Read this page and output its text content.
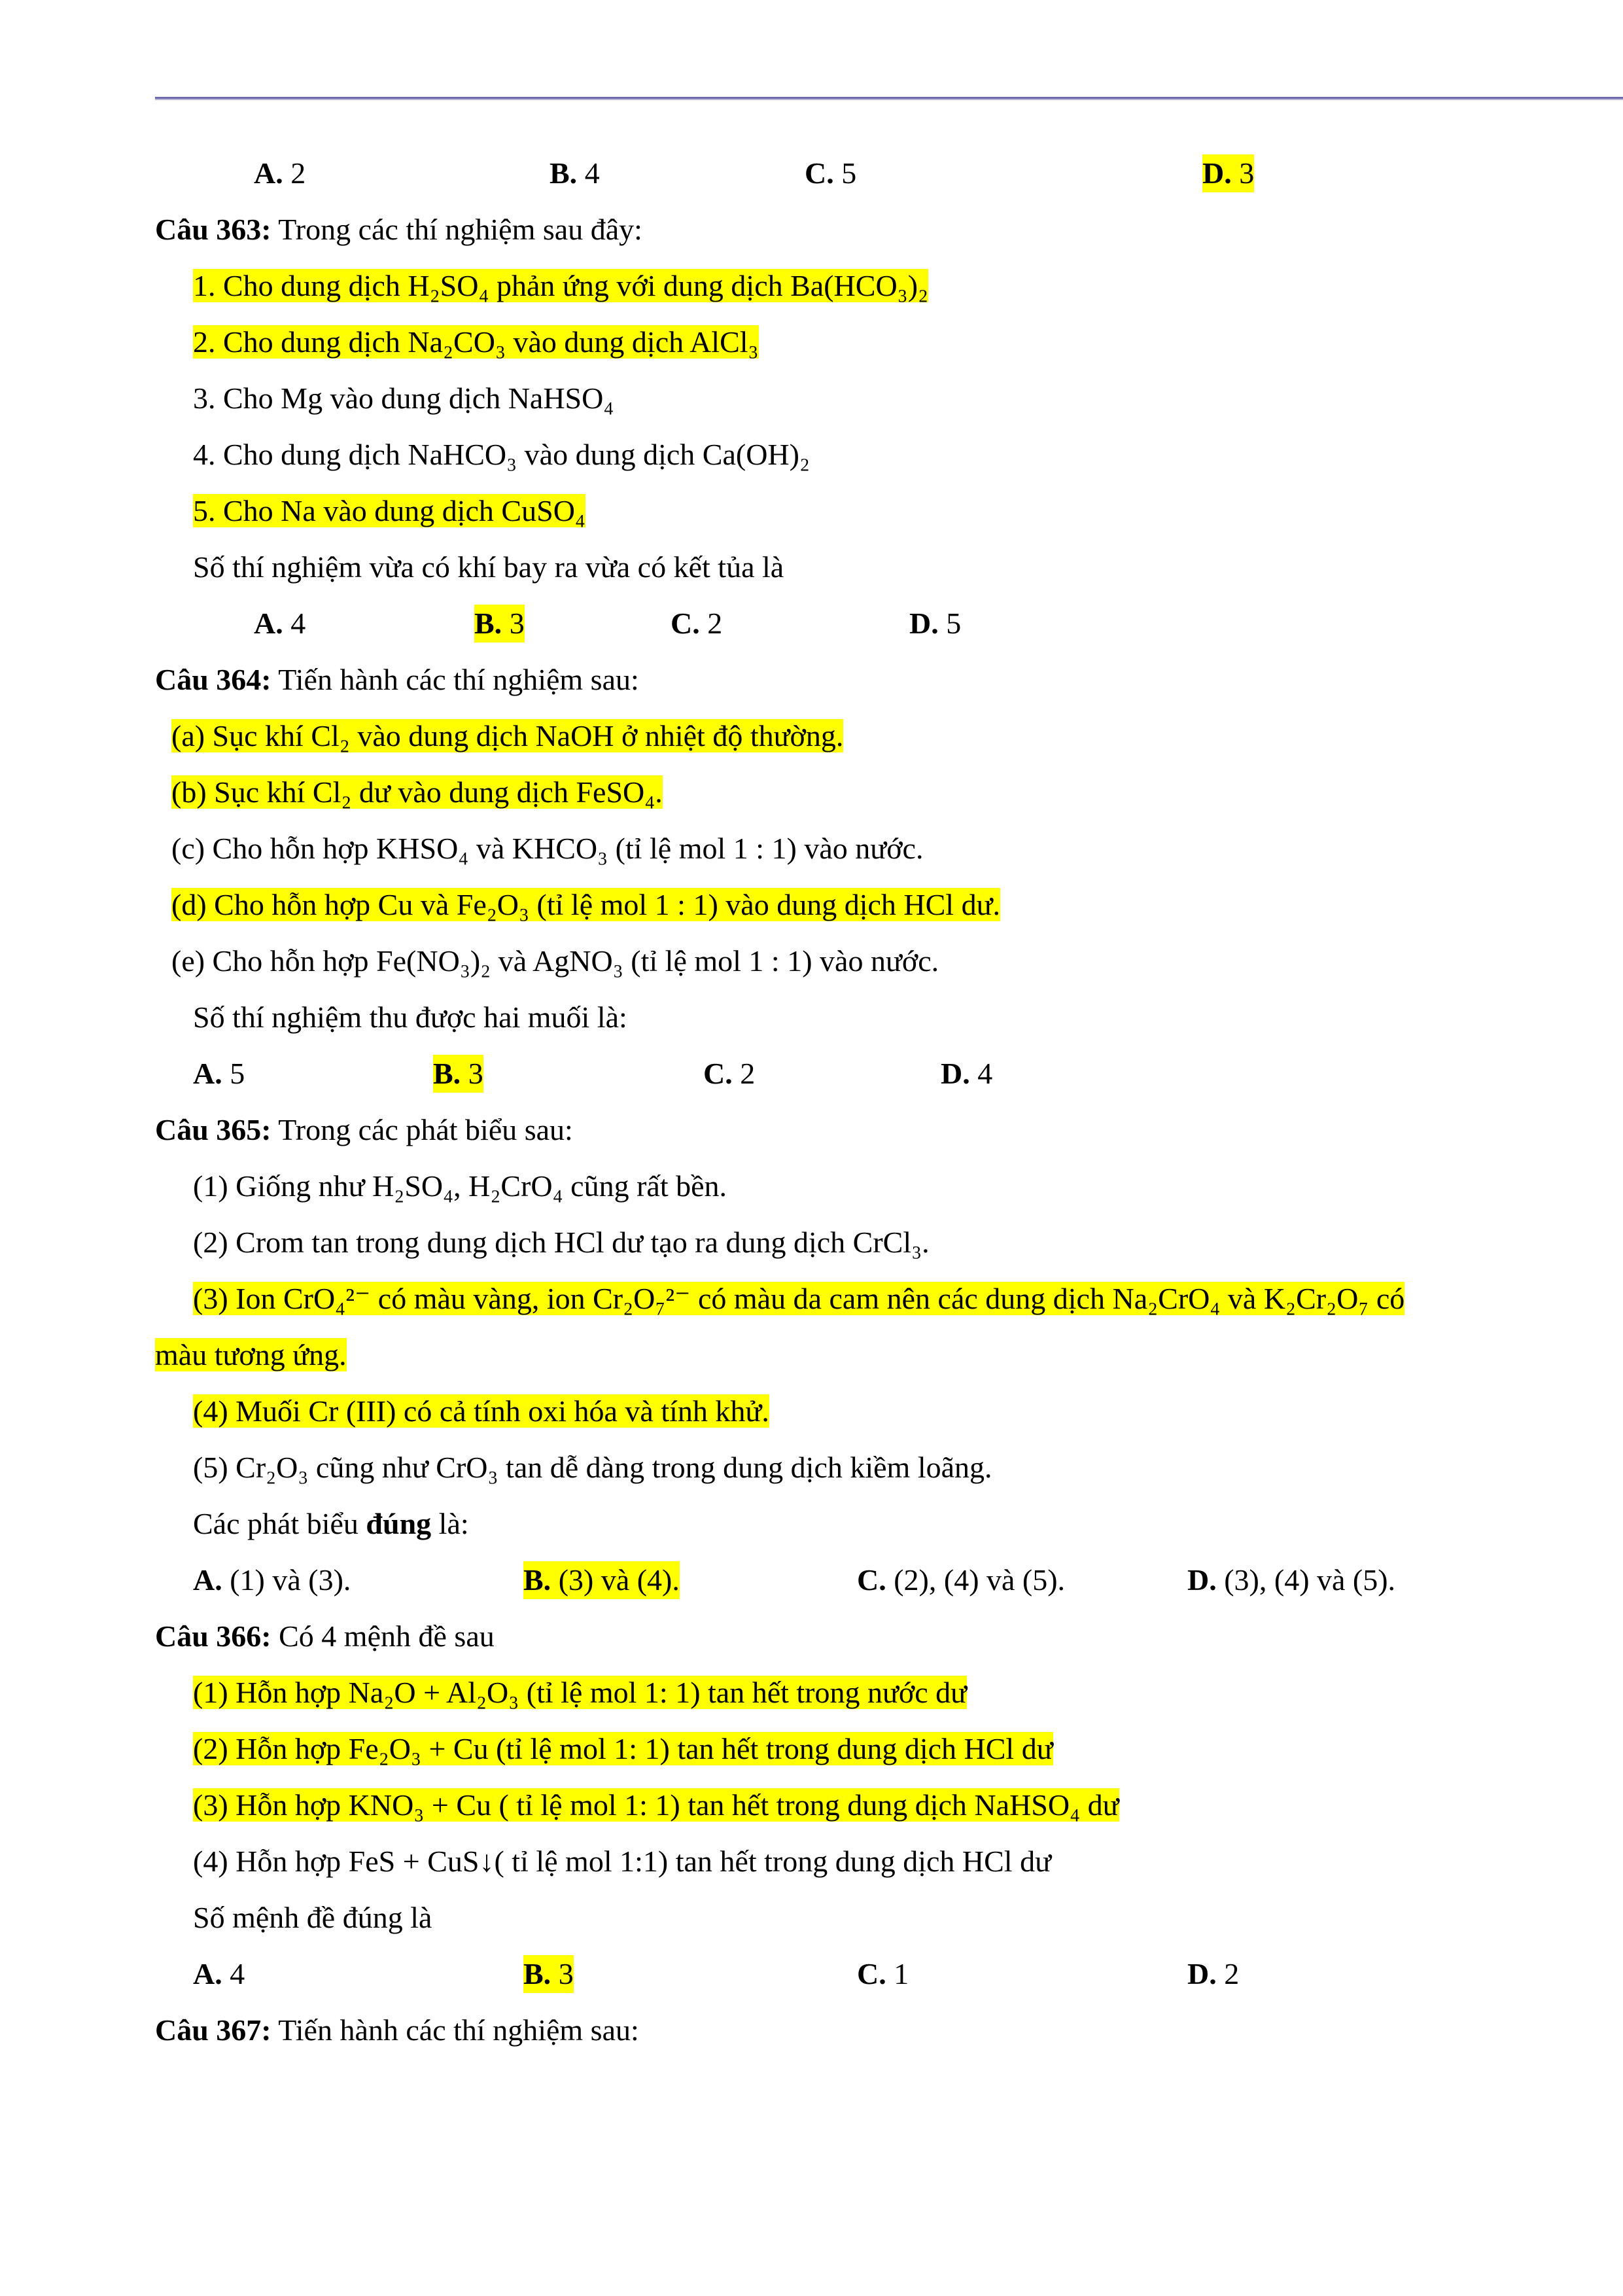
A. 2	B. 4	C. 5	D. 3
Câu 363: Trong các thí nghiệm sau đây:
1. Cho dung dịch H₂SO₄ phản ứng với dung dịch Ba(HCO₃)₂
2. Cho dung dịch Na₂CO₃ vào dung dịch AlCl₃
3. Cho Mg vào dung dịch NaHSO₄
4. Cho dung dịch NaHCO₃ vào dung dịch Ca(OH)₂
5. Cho Na vào dung dịch CuSO₄
Số thí nghiệm vừa có khí bay ra vừa có kết tủa là
A. 4	B. 3	C. 2	D. 5
Câu 364: Tiến hành các thí nghiệm sau:
(a) Sục khí Cl₂ vào dung dịch NaOH ở nhiệt độ thường.
(b) Sục khí Cl₂ dư vào dung dịch FeSO₄.
(c) Cho hỗn hợp KHSO₄ và KHCO₃ (tỉ lệ mol 1 : 1) vào nước.
(d) Cho hỗn hợp Cu và Fe₂O₃ (tỉ lệ mol 1 : 1) vào dung dịch HCl dư.
(e) Cho hỗn hợp Fe(NO₃)₂ và AgNO₃ (tỉ lệ mol 1 : 1) vào nước.
Số thí nghiệm thu được hai muối là:
A. 5	B. 3	C. 2	D. 4
Câu 365: Trong các phát biểu sau:
(1) Giống như H₂SO₄, H₂CrO₄ cũng rất bền.
(2) Crom tan trong dung dịch HCl dư tạo ra dung dịch CrCl₃.
(3) Ion CrO₄²⁻ có màu vàng, ion Cr₂O₇²⁻ có màu da cam nên các dung dịch Na₂CrO₄ và K₂Cr₂O₇ có
màu tương ứng.
(4) Muối Cr (III) có cả tính oxi hóa và tính khử.
(5) Cr₂O₃ cũng như CrO₃ tan dễ dàng trong dung dịch kiềm loãng.
Các phát biểu đúng là:
A. (1) và (3).	B. (3) và (4).	C. (2), (4) và (5).	D. (3), (4) và (5).
Câu 366: Có 4 mệnh đề sau
(1) Hỗn hợp Na₂O + Al₂O₃ (tỉ lệ mol 1: 1) tan hết trong nước dư
(2) Hỗn hợp Fe₂O₃ + Cu (tỉ lệ mol 1: 1) tan hết trong dung dịch HCl dư
(3) Hỗn hợp KNO₃ + Cu ( tỉ lệ mol 1: 1) tan hết trong dung dịch NaHSO₄ dư
(4) Hỗn hợp FeS + CuS↓( tỉ lệ mol 1:1) tan hết trong dung dịch HCl dư
Số mệnh đề đúng là
A. 4	B. 3	C. 1	D. 2
Câu 367: Tiến hành các thí nghiệm sau:
